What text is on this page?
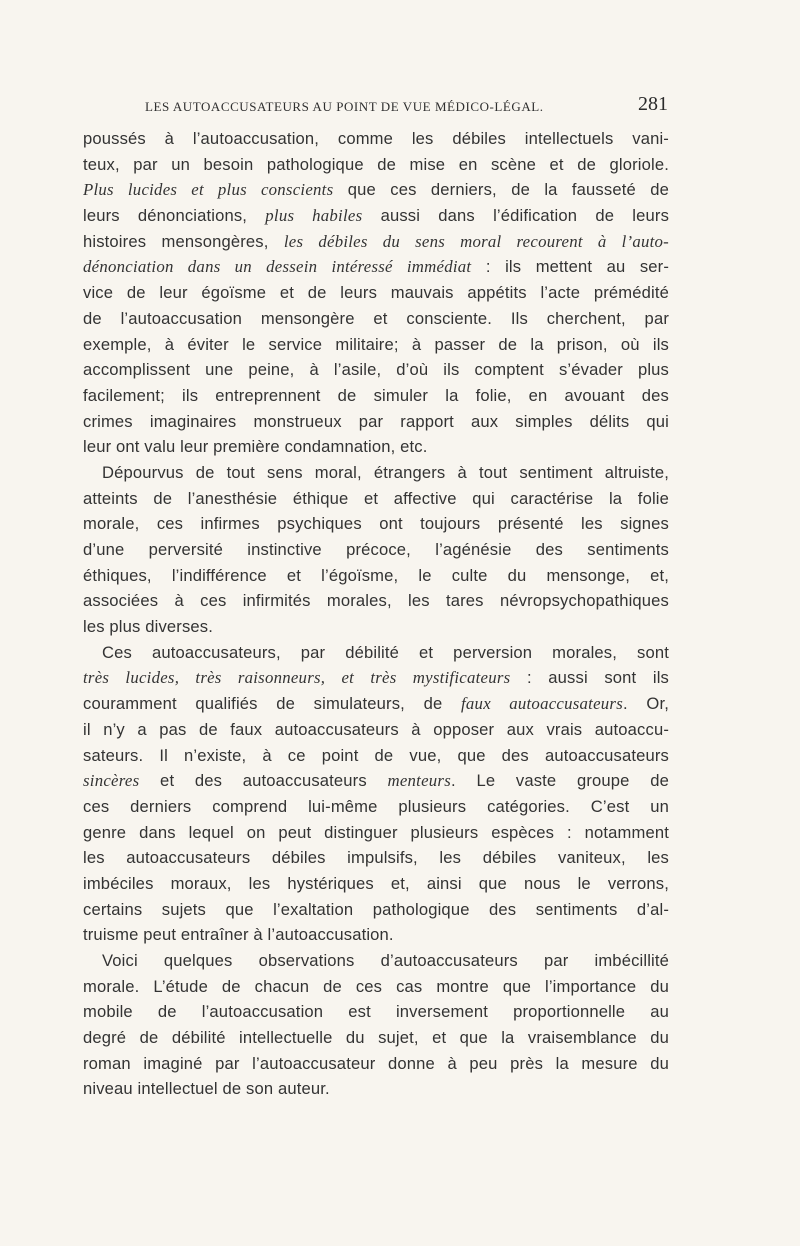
LES AUTOACCUSATEURS AU POINT DE VUE MÉDICO-LÉGAL.	281
poussés à l’autoaccusation, comme les débiles intellectuels vani-
teux, par un besoin pathologique de mise en scène et de gloriole.
Plus lucides et plus conscients que ces derniers, de la fausseté de
leurs dénonciations, plus habiles aussi dans l’édification de leurs
histoires mensongères, les débiles du sens moral recourent à l’auto-
dénonciation dans un dessein intéressé immédiat : ils mettent au ser-
vice de leur égoïsme et de leurs mauvais appétits l’acte prémédité
de l’autoaccusation mensongère et consciente. Ils cherchent, par
exemple, à éviter le service militaire; à passer de la prison, où ils
accomplissent une peine, à l’asile, d’où ils comptent s’évader plus
facilement; ils entreprennent de simuler la folie, en avouant des
crimes imaginaires monstrueux par rapport aux simples délits qui
leur ont valu leur première condamnation, etc.
Dépourvus de tout sens moral, étrangers à tout sentiment altruiste,
atteints de l’anesthésie éthique et affective qui caractérise la folie
morale, ces infirmes psychiques ont toujours présenté les signes
d’une perversité instinctive précoce, l’agénésie des sentiments
éthiques, l’indifférence et l’égoïsme, le culte du mensonge, et,
associées à ces infirmités morales, les tares névropsychopathiques
les plus diverses.
Ces autoaccusateurs, par débilité et perversion morales, sont
très lucides, très raisonneurs, et très mystificateurs : aussi sont ils
couramment qualifiés de simulateurs, de faux autoaccusateurs. Or,
il n’y a pas de faux autoaccusateurs à opposer aux vrais autoaccu-
sateurs. Il n’existe, à ce point de vue, que des autoaccusateurs
sincères et des autoaccusateurs menteurs. Le vaste groupe de
ces derniers comprend lui-même plusieurs catégories. C’est un
genre dans lequel on peut distinguer plusieurs espèces : notamment
les autoaccusateurs débiles impulsifs, les débiles vaniteux, les
imbéciles moraux, les hystériques et, ainsi que nous le verrons,
certains sujets que l’exaltation pathologique des sentiments d’al-
truisme peut entraîner à l’autoaccusation.
Voici quelques observations d’autoaccusateurs par imbécillité
morale. L’étude de chacun de ces cas montre que l’importance du
mobile de l’autoaccusation est inversement proportionnelle au
degré de débilité intellectuelle du sujet, et que la vraisemblance du
roman imaginé par l’autoaccusateur donne à peu près la mesure du
niveau intellectuel de son auteur.
